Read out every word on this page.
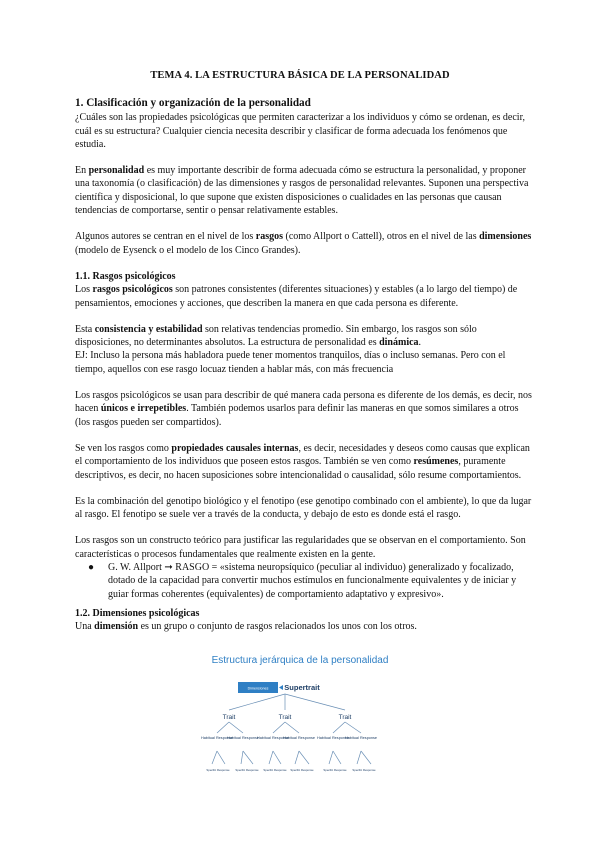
TEMA 4. LA ESTRUCTURA BÁSICA DE LA PERSONALIDAD
1. Clasificación y organización de la personalidad

¿Cuáles son las propiedades psicológicas que permiten caracterizar a los individuos y cómo se ordenan, es decir, cuál es su estructura? Cualquier ciencia necesita describir y clasificar de forma adecuada los fenómenos que estudia.

En personalidad es muy importante describir de forma adecuada cómo se estructura la personalidad, y proponer una taxonomía (o clasificación) de las dimensiones y rasgos de personalidad relevantes. Suponen una perspectiva científica y disposicional, lo que supone que existen disposiciones o cualidades en las personas que causan tendencias de comportarse, sentir o pensar relativamente estables.

Algunos autores se centran en el nivel de los rasgos (como Allport o Cattell), otros en el nivel de las dimensiones (modelo de Eysenck o el modelo de los Cinco Grandes).

1.1. Rasgos psicológicos

Los rasgos psicológicos son patrones consistentes (diferentes situaciones) y estables (a lo largo del tiempo) de pensamientos, emociones y acciones, que describen la manera en que cada persona es diferente.

Esta consistencia y estabilidad son relativas tendencias promedio. Sin embargo, los rasgos son sólo disposiciones, no determinantes absolutos. La estructura de personalidad es dinámica.

EJ: Incluso la persona más habladora puede tener momentos tranquilos, días o incluso semanas. Pero con el tiempo, aquellos con ese rasgo locuaz tienden a hablar más, con más frecuencia

Los rasgos psicológicos se usan para describir de qué manera cada persona es diferente de los demás, es decir, nos hacen únicos e irrepetibles. También podemos usarlos para definir las maneras en que somos similares a otros (los rasgos pueden ser compartidos).

Se ven los rasgos como propiedades causales internas, es decir, necesidades y deseos como causas que explican el comportamiento de los individuos que poseen estos rasgos. También se ven como resúmenes, puramente descriptivos, es decir, no hacen suposiciones sobre intencionalidad o causalidad, sólo resume comportamientos.

Es la combinación del genotipo biológico y el fenotipo (ese genotipo combinado con el ambiente), lo que da lugar al rasgo. El fenotipo se suele ver a través de la conducta, y debajo de esto es donde está el rasgo.

Los rasgos son un constructo teórico para justificar las regularidades que se observan en el comportamiento. Son características o procesos fundamentales que realmente existen en la gente.

● G. W. Allport ➞ RASGO = «sistema neuropsíquico (peculiar al individuo) generalizado y focalizado, dotado de la capacidad para convertir muchos estímulos en funcionalmente equivalentes y de iniciar y guiar formas coherentes (equivalentes) de comportamiento adaptativo y expresivo».
1.2. Dimensiones psicológicas

Una dimensión es un grupo o conjunto de rasgos relacionados los unos con los otros.

Estructura jerárquica de la personalidad
Dimensiones Supertrait
Trait	Trait	Trait
Habitual Response
Habitual Response
Habitual Response
Habitual Response Habitual Response
Habitual Response
Specific Response Specific Response Specific Response Specific Response	Specific Response Specific Response
